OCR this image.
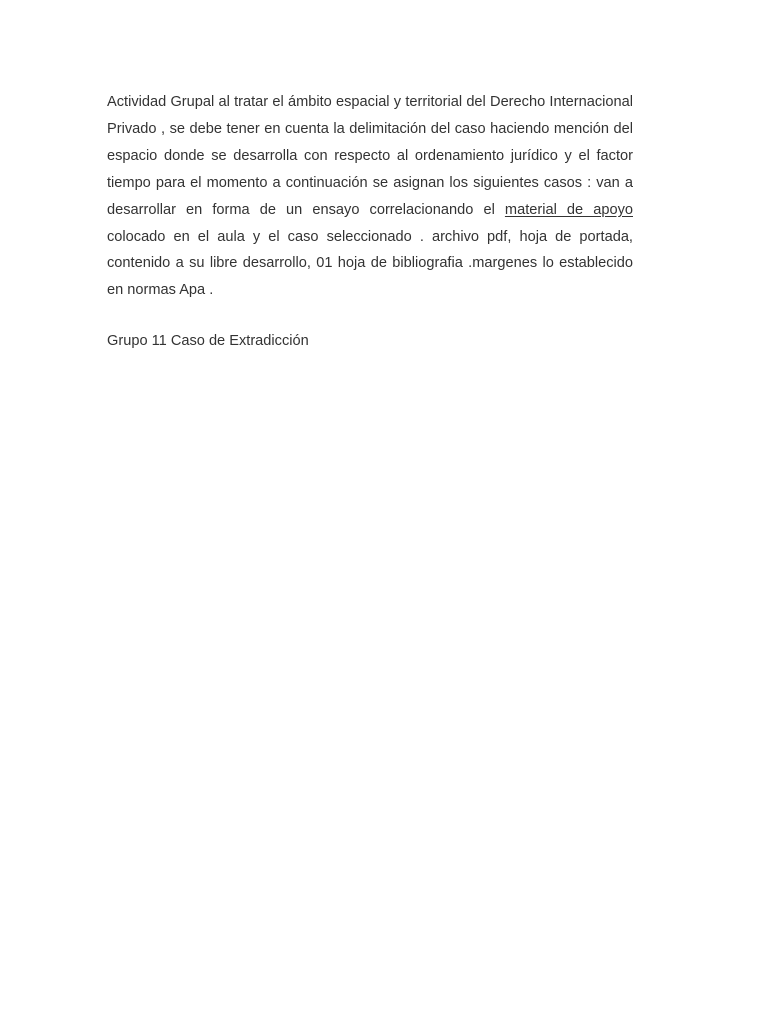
Actividad Grupal al tratar el ámbito espacial y territorial del Derecho Internacional Privado , se debe tener en cuenta la delimitación del caso haciendo mención del espacio donde se desarrolla con respecto al ordenamiento jurídico y el factor tiempo para el momento a continuación se asignan los siguientes casos : van a desarrollar en forma de un ensayo correlacionando el material de apoyo colocado en el aula y el caso seleccionado . archivo pdf, hoja de portada, contenido a su libre desarrollo, 01 hoja de bibliografia .margenes lo establecido en normas Apa .

Grupo 11 Caso de Extradicción
